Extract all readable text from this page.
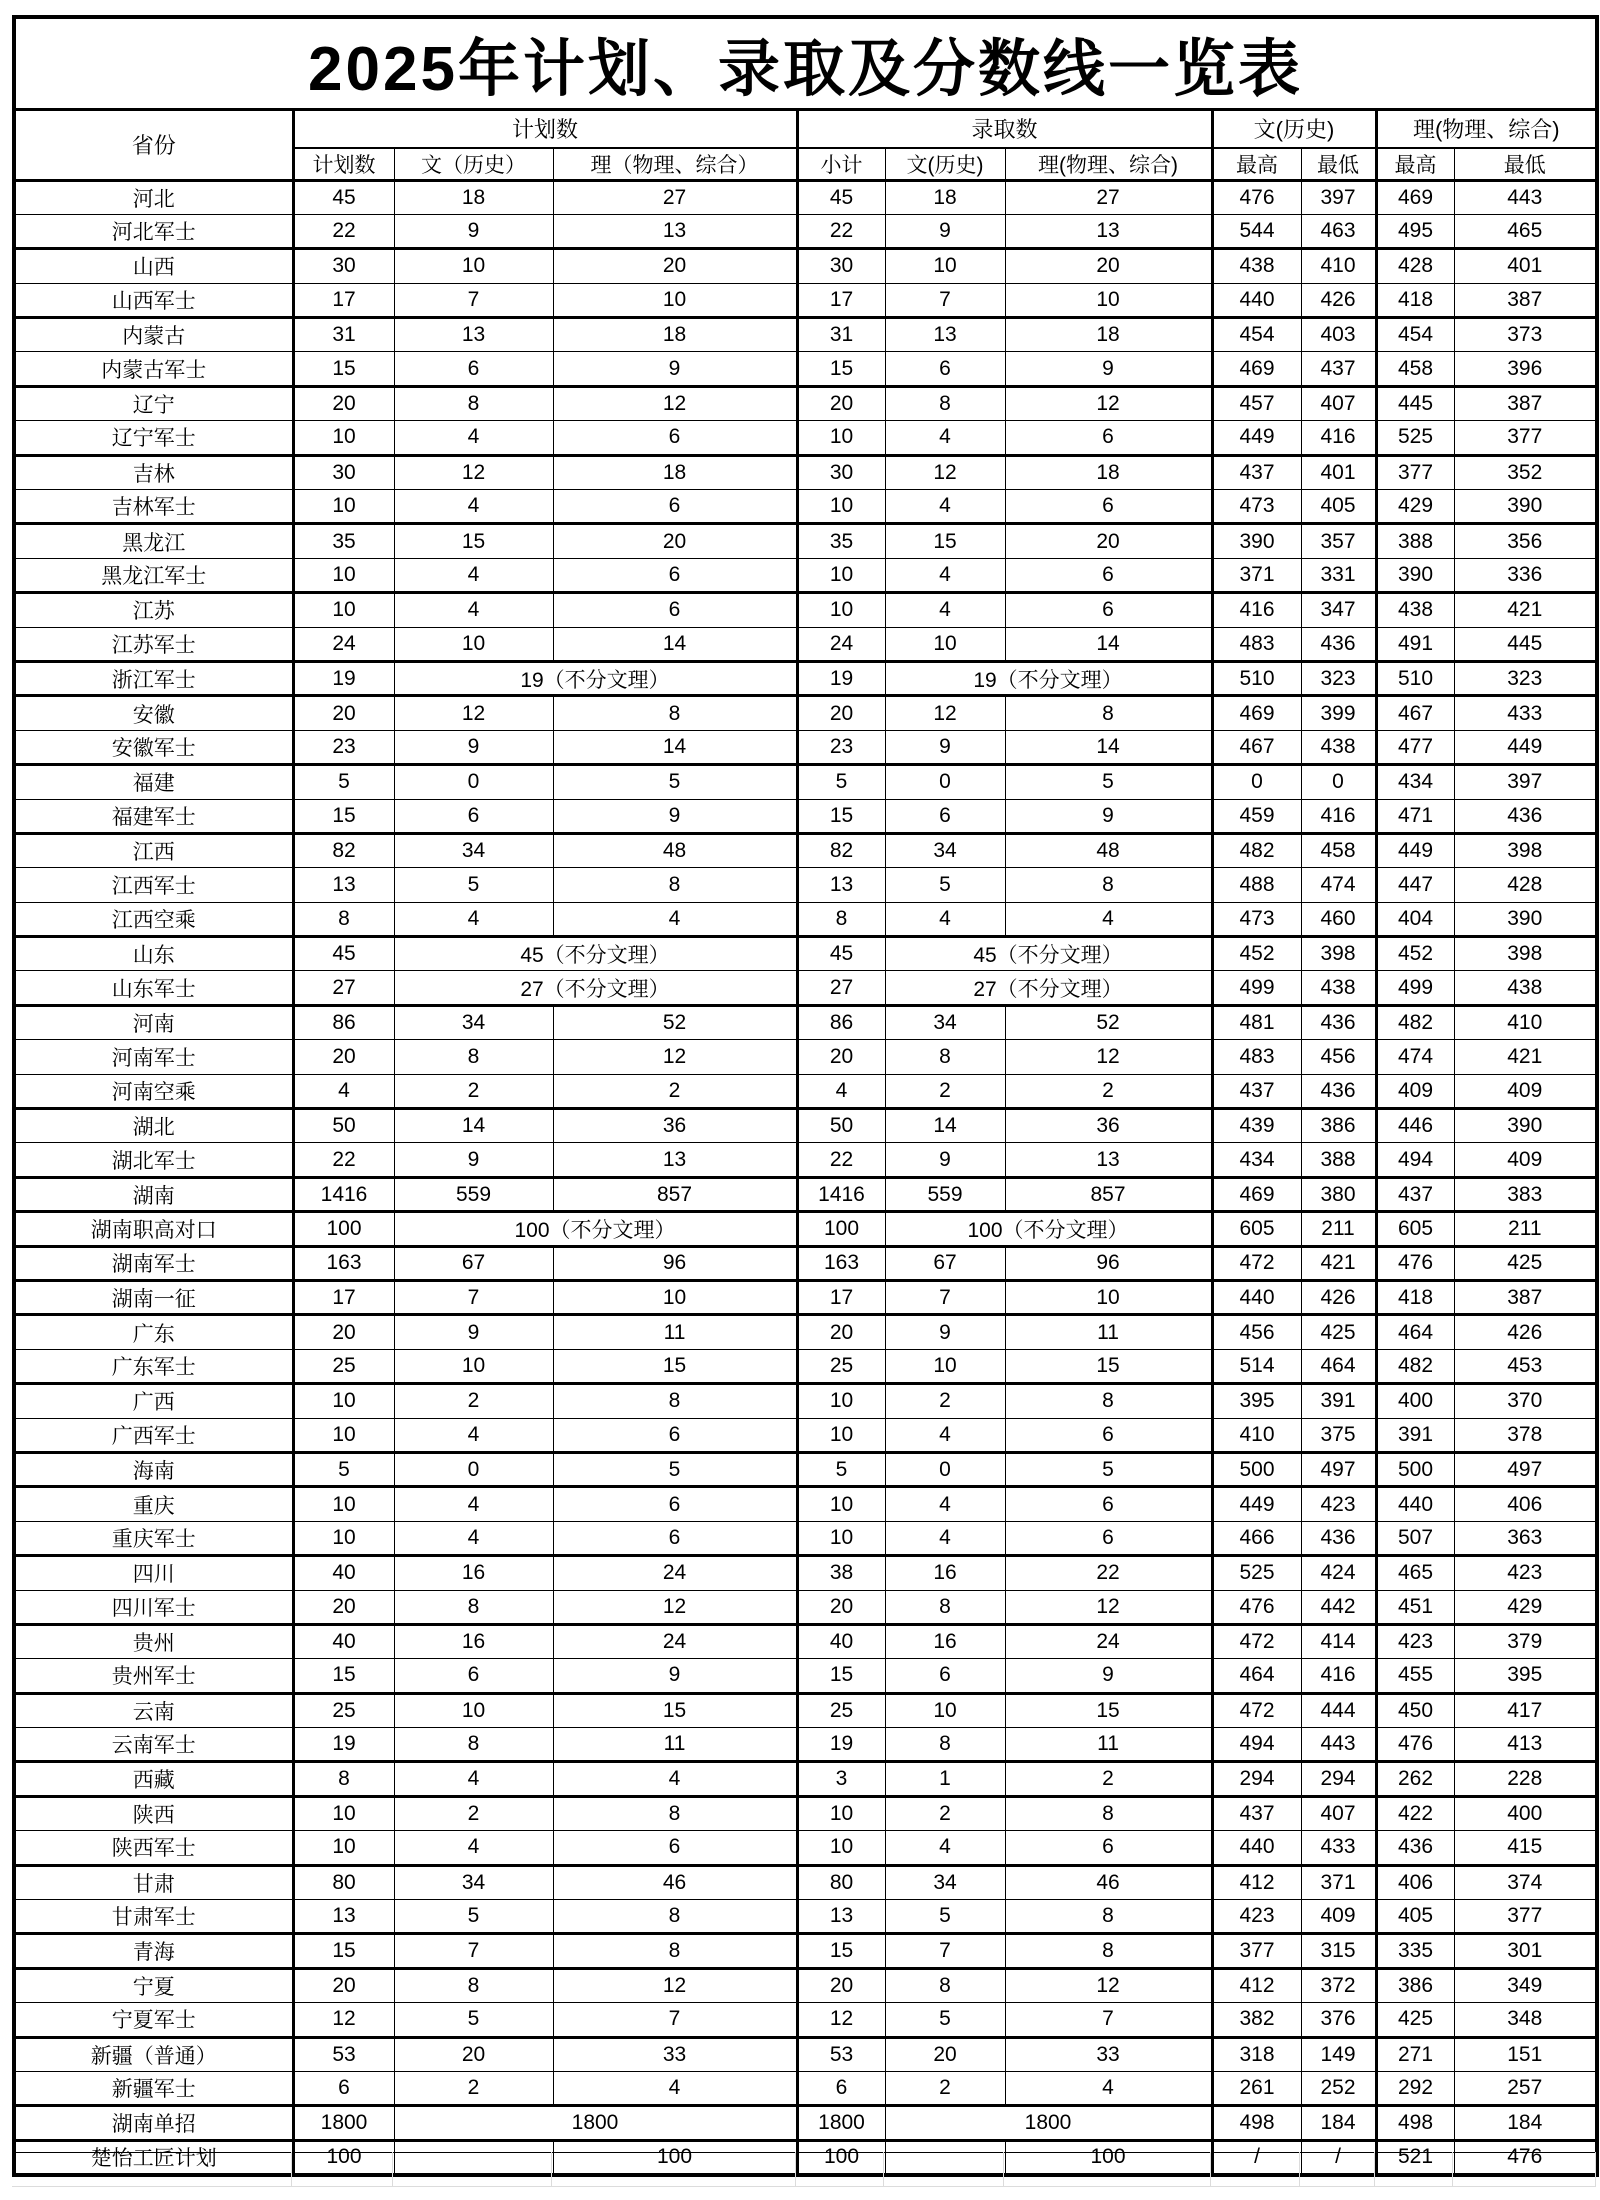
2025年计划、录取及分数线一览表										
省份	计划数			录取数			文(历史)		理(物理、综合)	
	计划数	文（历史）	理（物理、综合）	小计	文(历史)	理(物理、综合)	最高	最低	最高	最低
河北	45	18	27	45	18	27	476	397	469	443
河北军士	22	9	13	22	9	13	544	463	495	465
山西	30	10	20	30	10	20	438	410	428	401
山西军士	17	7	10	17	7	10	440	426	418	387
内蒙古	31	13	18	31	13	18	454	403	454	373
内蒙古军士	15	6	9	15	6	9	469	437	458	396
辽宁	20	8	12	20	8	12	457	407	445	387
辽宁军士	10	4	6	10	4	6	449	416	525	377
吉林	30	12	18	30	12	18	437	401	377	352
吉林军士	10	4	6	10	4	6	473	405	429	390
黑龙江	35	15	20	35	15	20	390	357	388	356
黑龙江军士	10	4	6	10	4	6	371	331	390	336
江苏	10	4	6	10	4	6	416	347	438	421
江苏军士	24	10	14	24	10	14	483	436	491	445
浙江军士	19	19（不分文理）		19	19（不分文理）		510	323	510	323
安徽	20	12	8	20	12	8	469	399	467	433
安徽军士	23	9	14	23	9	14	467	438	477	449
福建	5	0	5	5	0	5	0	0	434	397
福建军士	15	6	9	15	6	9	459	416	471	436
江西	82	34	48	82	34	48	482	458	449	398
江西军士	13	5	8	13	5	8	488	474	447	428
江西空乘	8	4	4	8	4	4	473	460	404	390
山东	45	45（不分文理）		45	45（不分文理）		452	398	452	398
山东军士	27	27（不分文理）		27	27（不分文理）		499	438	499	438
河南	86	34	52	86	34	52	481	436	482	410
河南军士	20	8	12	20	8	12	483	456	474	421
河南空乘	4	2	2	4	2	2	437	436	409	409
湖北	50	14	36	50	14	36	439	386	446	390
湖北军士	22	9	13	22	9	13	434	388	494	409
湖南	1416	559	857	1416	559	857	469	380	437	383
湖南职高对口	100	100（不分文理）		100	100（不分文理）		605	211	605	211
湖南军士	163	67	96	163	67	96	472	421	476	425
湖南一征	17	7	10	17	7	10	440	426	418	387
广东	20	9	11	20	9	11	456	425	464	426
广东军士	25	10	15	25	10	15	514	464	482	453
广西	10	2	8	10	2	8	395	391	400	370
广西军士	10	4	6	10	4	6	410	375	391	378
海南	5	0	5	5	0	5	500	497	500	497
重庆	10	4	6	10	4	6	449	423	440	406
重庆军士	10	4	6	10	4	6	466	436	507	363
四川	40	16	24	38	16	22	525	424	465	423
四川军士	20	8	12	20	8	12	476	442	451	429
贵州	40	16	24	40	16	24	472	414	423	379
贵州军士	15	6	9	15	6	9	464	416	455	395
云南	25	10	15	25	10	15	472	444	450	417
云南军士	19	8	11	19	8	11	494	443	476	413
西藏	8	4	4	3	1	2	294	294	262	228
陕西	10	2	8	10	2	8	437	407	422	400
陕西军士	10	4	6	10	4	6	440	433	436	415
甘肃	80	34	46	80	34	46	412	371	406	374
甘肃军士	13	5	8	13	5	8	423	409	405	377
青海	15	7	8	15	7	8	377	315	335	301
宁夏	20	8	12	20	8	12	412	372	386	349
宁夏军士	12	5	7	12	5	7	382	376	425	348
新疆（普通）	53	20	33	53	20	33	318	149	271	151
新疆军士	6	2	4	6	2	4	261	252	292	257
湖南单招	1800	1800		1800	1800		498	184	498	184
楚怡工匠计划	100		100	100		100	/	/	521	476
